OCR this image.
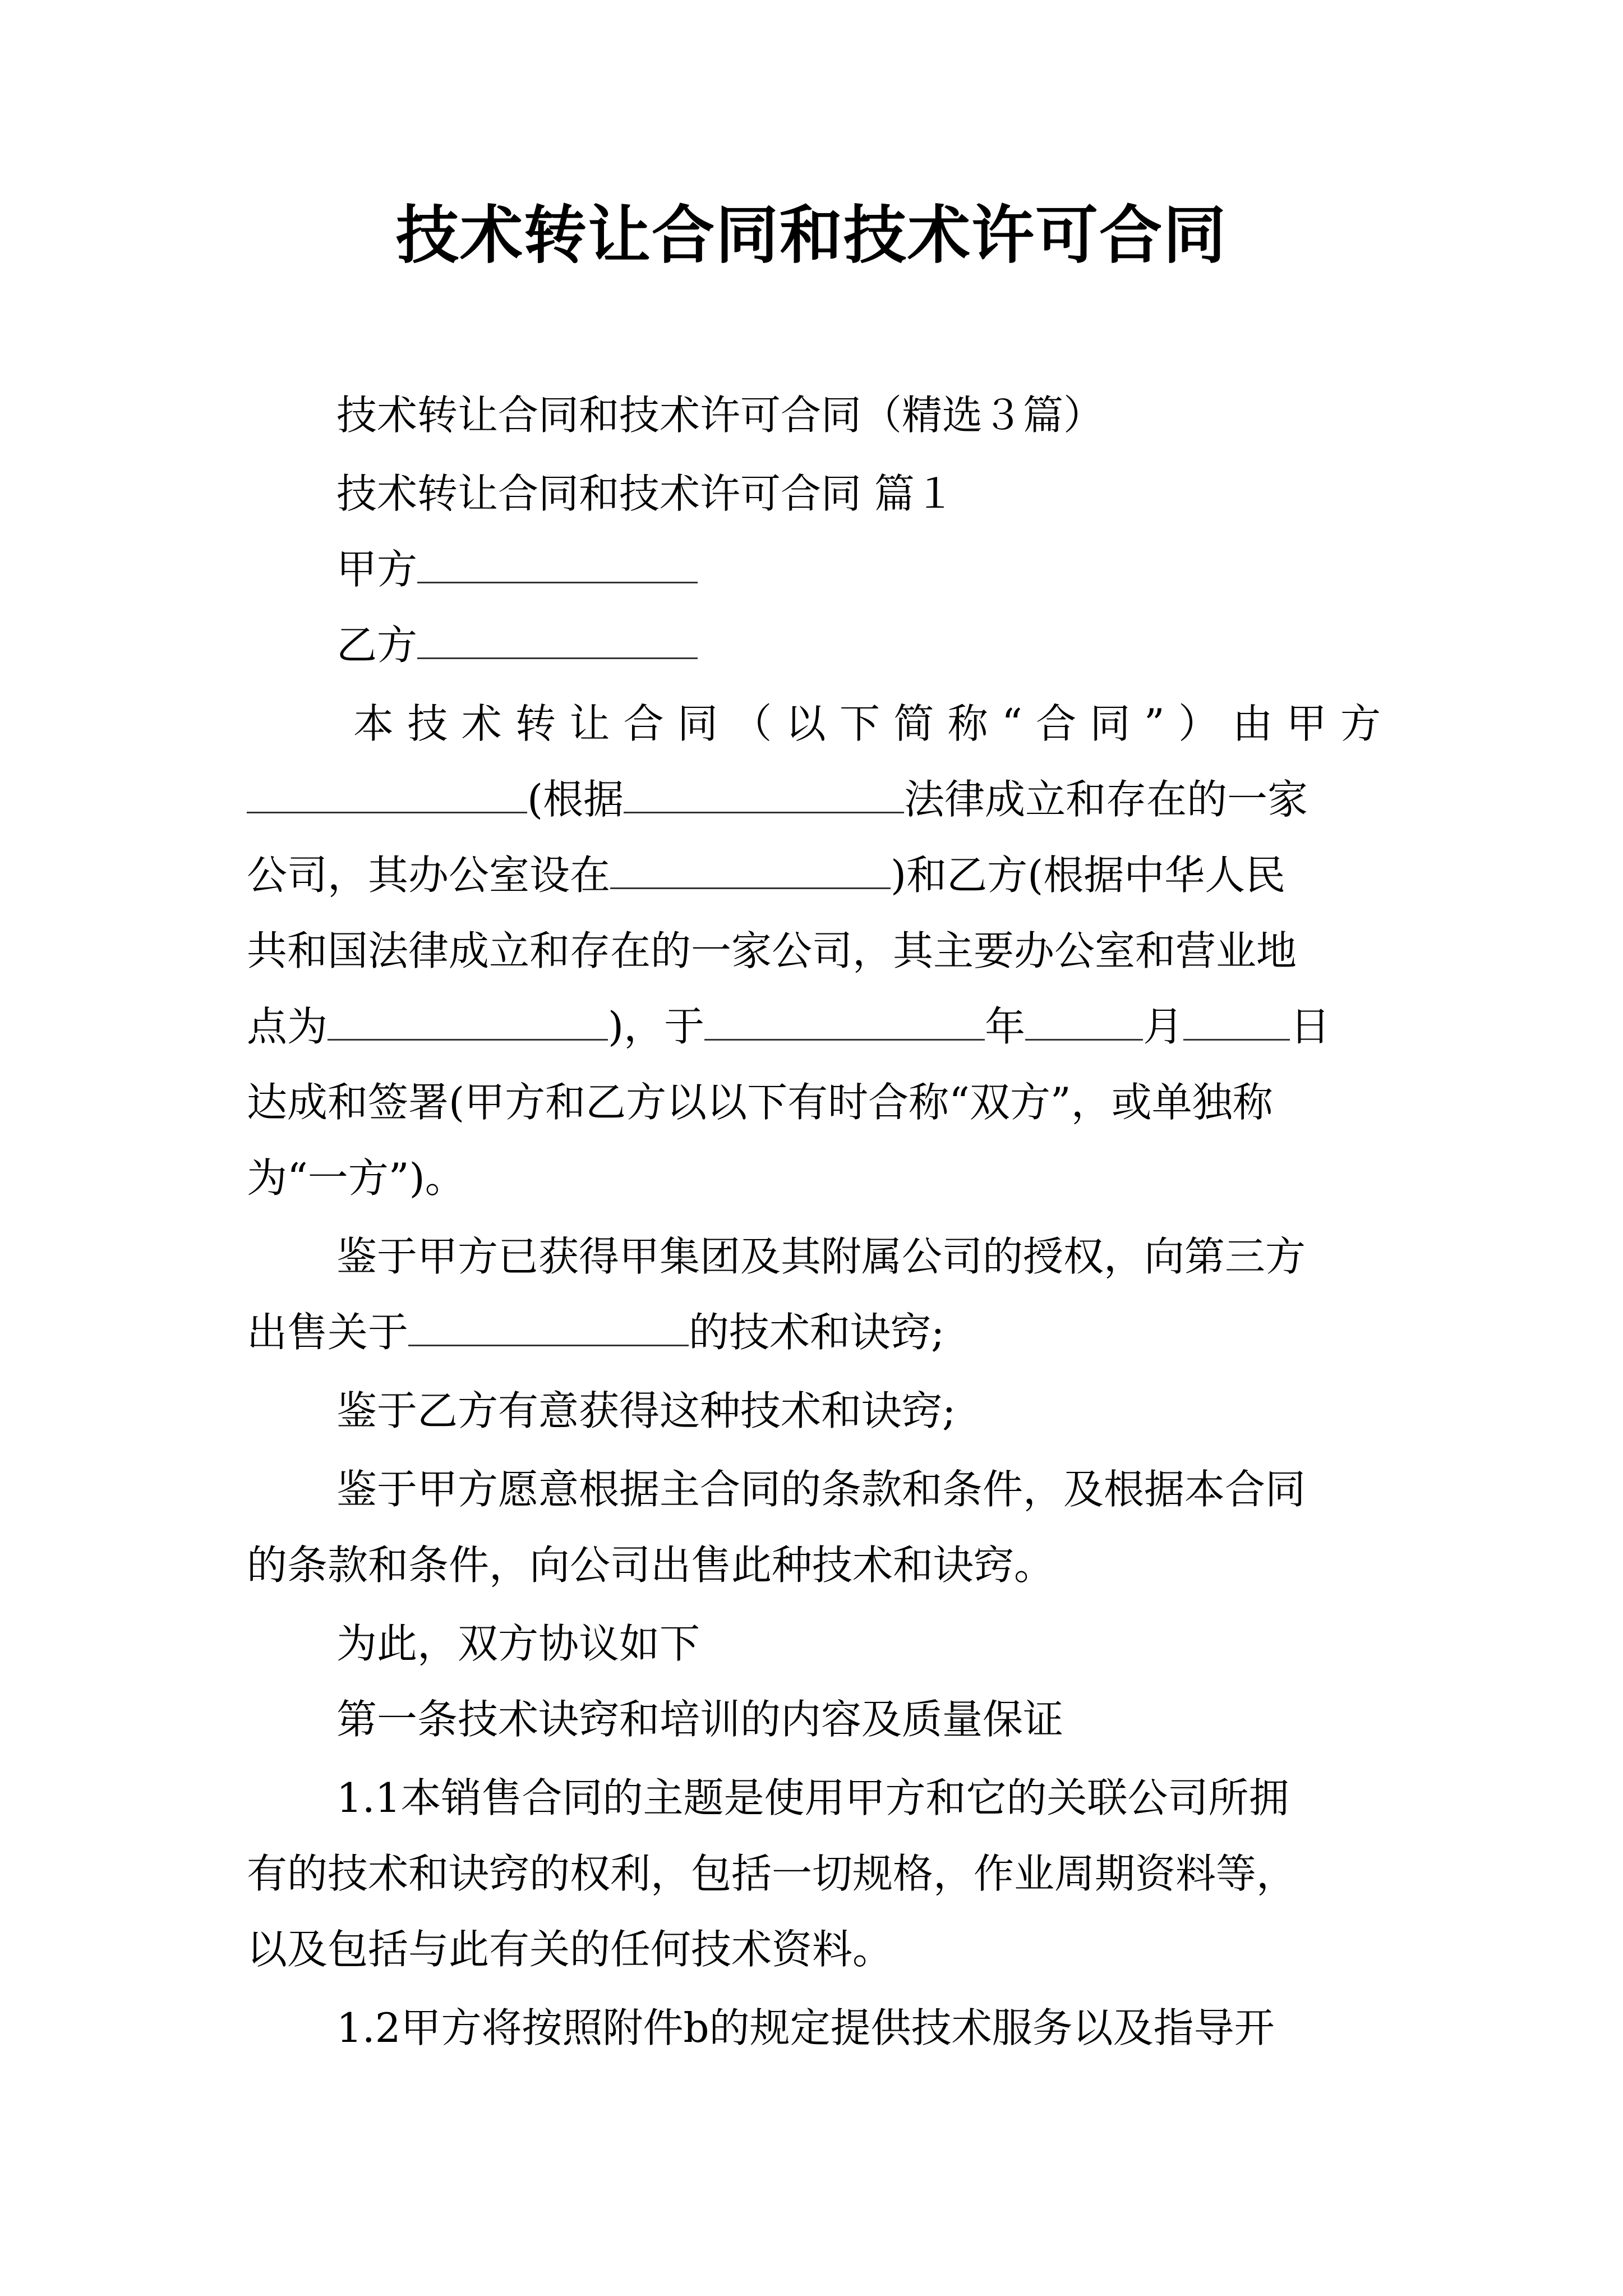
技术转让合同和技术许可合同
技术转让合同和技术许可合同（精选３篇）
技术转让合同和技术许可合同 篇１
甲方
乙方
本技术转让合同（以下简称“合同”）由甲方
(根据	法律成立和存在的一家
公司，其办公室设在	)和乙方(根据中华人民
共和国法律成立和存在的一家公司，其主要办公室和营业地
点为	)，于	年	月	日
达成和签署(甲方和乙方以以下有时合称“双方”，或单独称
为“一方”)。
鉴于甲方已获得甲集团及其附属公司的授权，向第三方
出售关于	的技术和诀窍;
鉴于乙方有意获得这种技术和诀窍;
鉴于甲方愿意根据主合同的条款和条件，及根据本合同
的条款和条件，向公司出售此种技术和诀窍。
为此，双方协议如下
第一条技术诀窍和培训的内容及质量保证
1.1本销售合同的主题是使用甲方和它的关联公司所拥
有的技术和诀窍的权利，包括一切规格，作业周期资料等，
以及包括与此有关的任何技术资料。
1.2甲方将按照附件b的规定提供技术服务以及指导开
